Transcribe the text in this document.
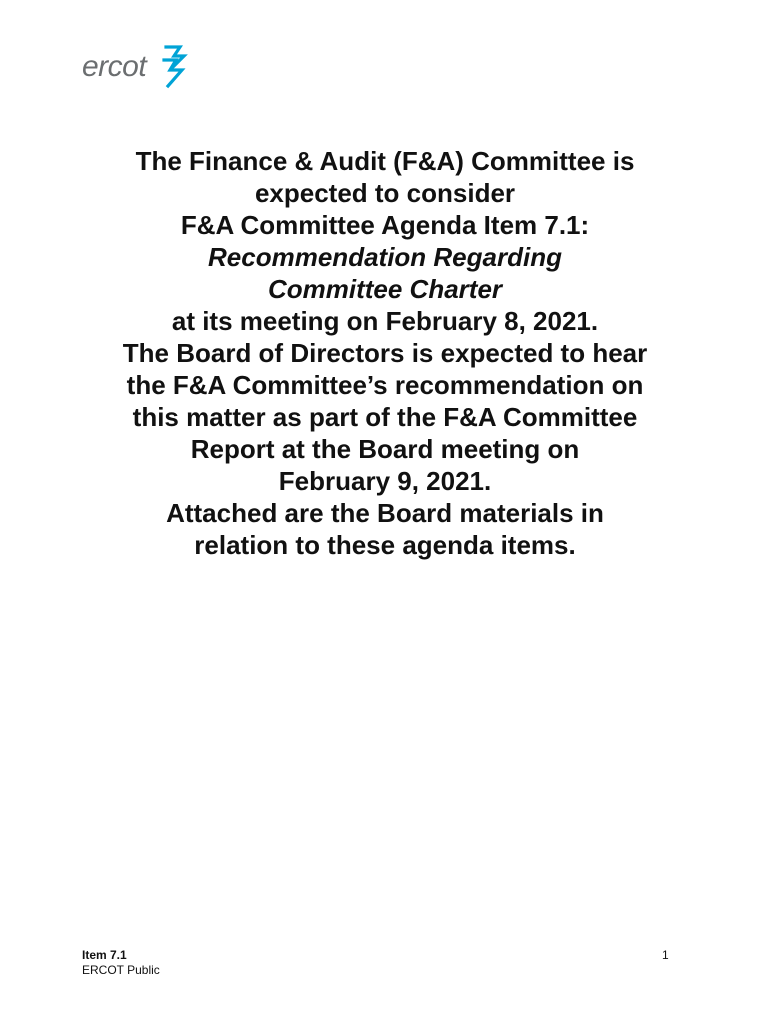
ercot

The Finance & Audit (F&A) Committee is
expected to consider
F&A Committee Agenda Item 7.1:

Recommendation Regarding
Committee Charter

at its meeting on February 8, 2021.

The Board of Directors is expected to hear
the F&A Committee’s recommendation on
this matter as part of the F&A Committee
Report at the Board meeting on
February 9, 2021.

Attached are the Board materials in
relation to these agenda items.

Item 7.1
ERCOT Public
1
